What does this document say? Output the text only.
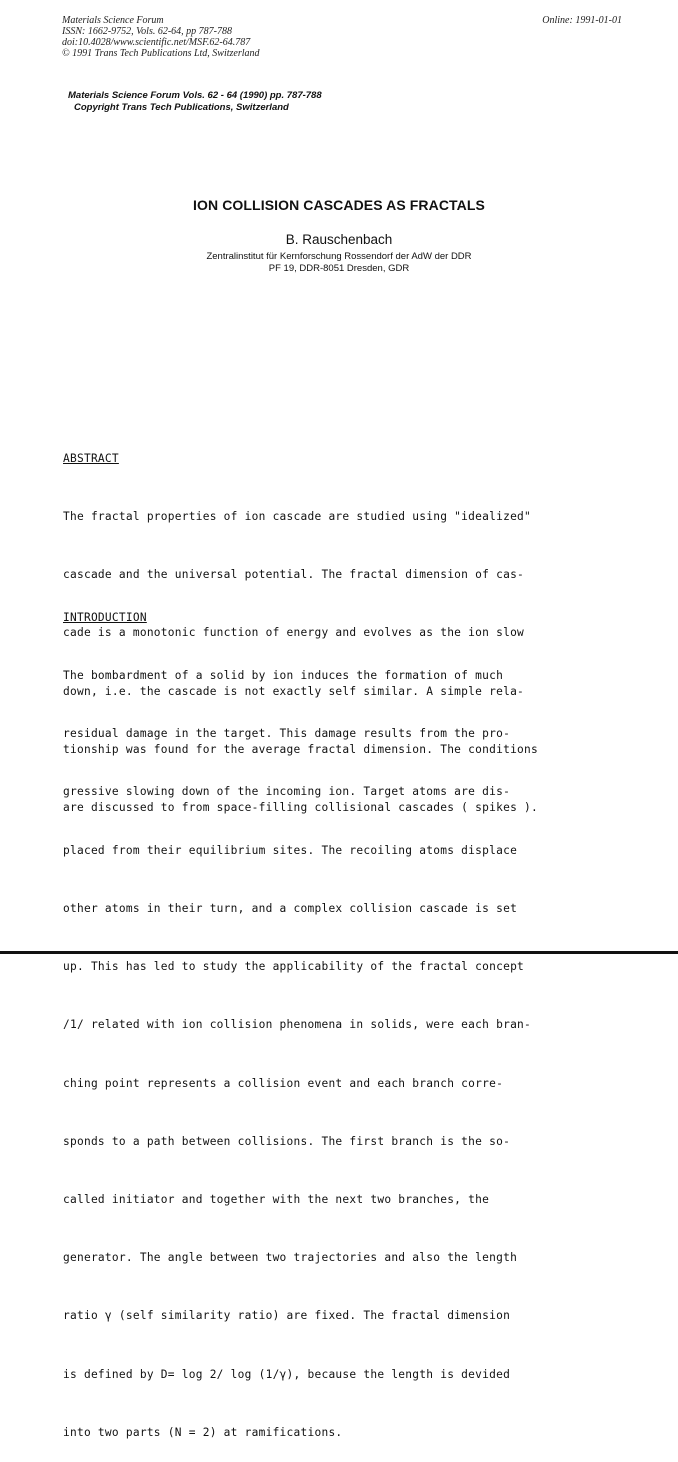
Materials Science Forum
ISSN: 1662-9752, Vols. 62-64, pp 787-788
doi:10.4028/www.scientific.net/MSF.62-64.787
© 1991 Trans Tech Publications Ltd, Switzerland
Online: 1991-01-01
Materials Science Forum Vols. 62 - 64 (1990) pp. 787-788
Copyright Trans Tech Publications, Switzerland
ION COLLISION CASCADES AS FRACTALS
B. Rauschenbach
Zentralinstitut für Kernforschung Rossendorf der AdW der DDR
PF 19, DDR-8051 Dresden, GDR

ABSTRACT

The fractal properties of ion cascade are studied using "idealized"

cascade and the universal potential. The fractal dimension of cas-

cade is a monotonic function of energy and evolves as the ion slow

down, i.e. the cascade is not exactly self similar. A simple rela-

tionship was found for the average fractal dimension. The conditions

are discussed to from space-filling collisional cascades ( spikes ).

INTRODUCTION

The bombardment of a solid by ion induces the formation of much

residual damage in the target. This damage results from the pro-

gressive slowing down of the incoming ion. Target atoms are dis-

placed from their equilibrium sites. The recoiling atoms displace

other atoms in their turn, and a complex collision cascade is set

up. This has led to study the applicability of the fractal concept

/1/ related with ion collision phenomena in solids, were each bran-

ching point represents a collision event and each branch corre-

sponds to a path between collisions. The first branch is the so-

called initiator and together with the next two branches, the

generator. The angle between two trajectories and also the length

ratio γ (self similarity ratio) are fixed. The fractal dimension

is defined by D= log 2/ log (1/γ), because the length is devided

into two parts (N = 2) at ramifications.
